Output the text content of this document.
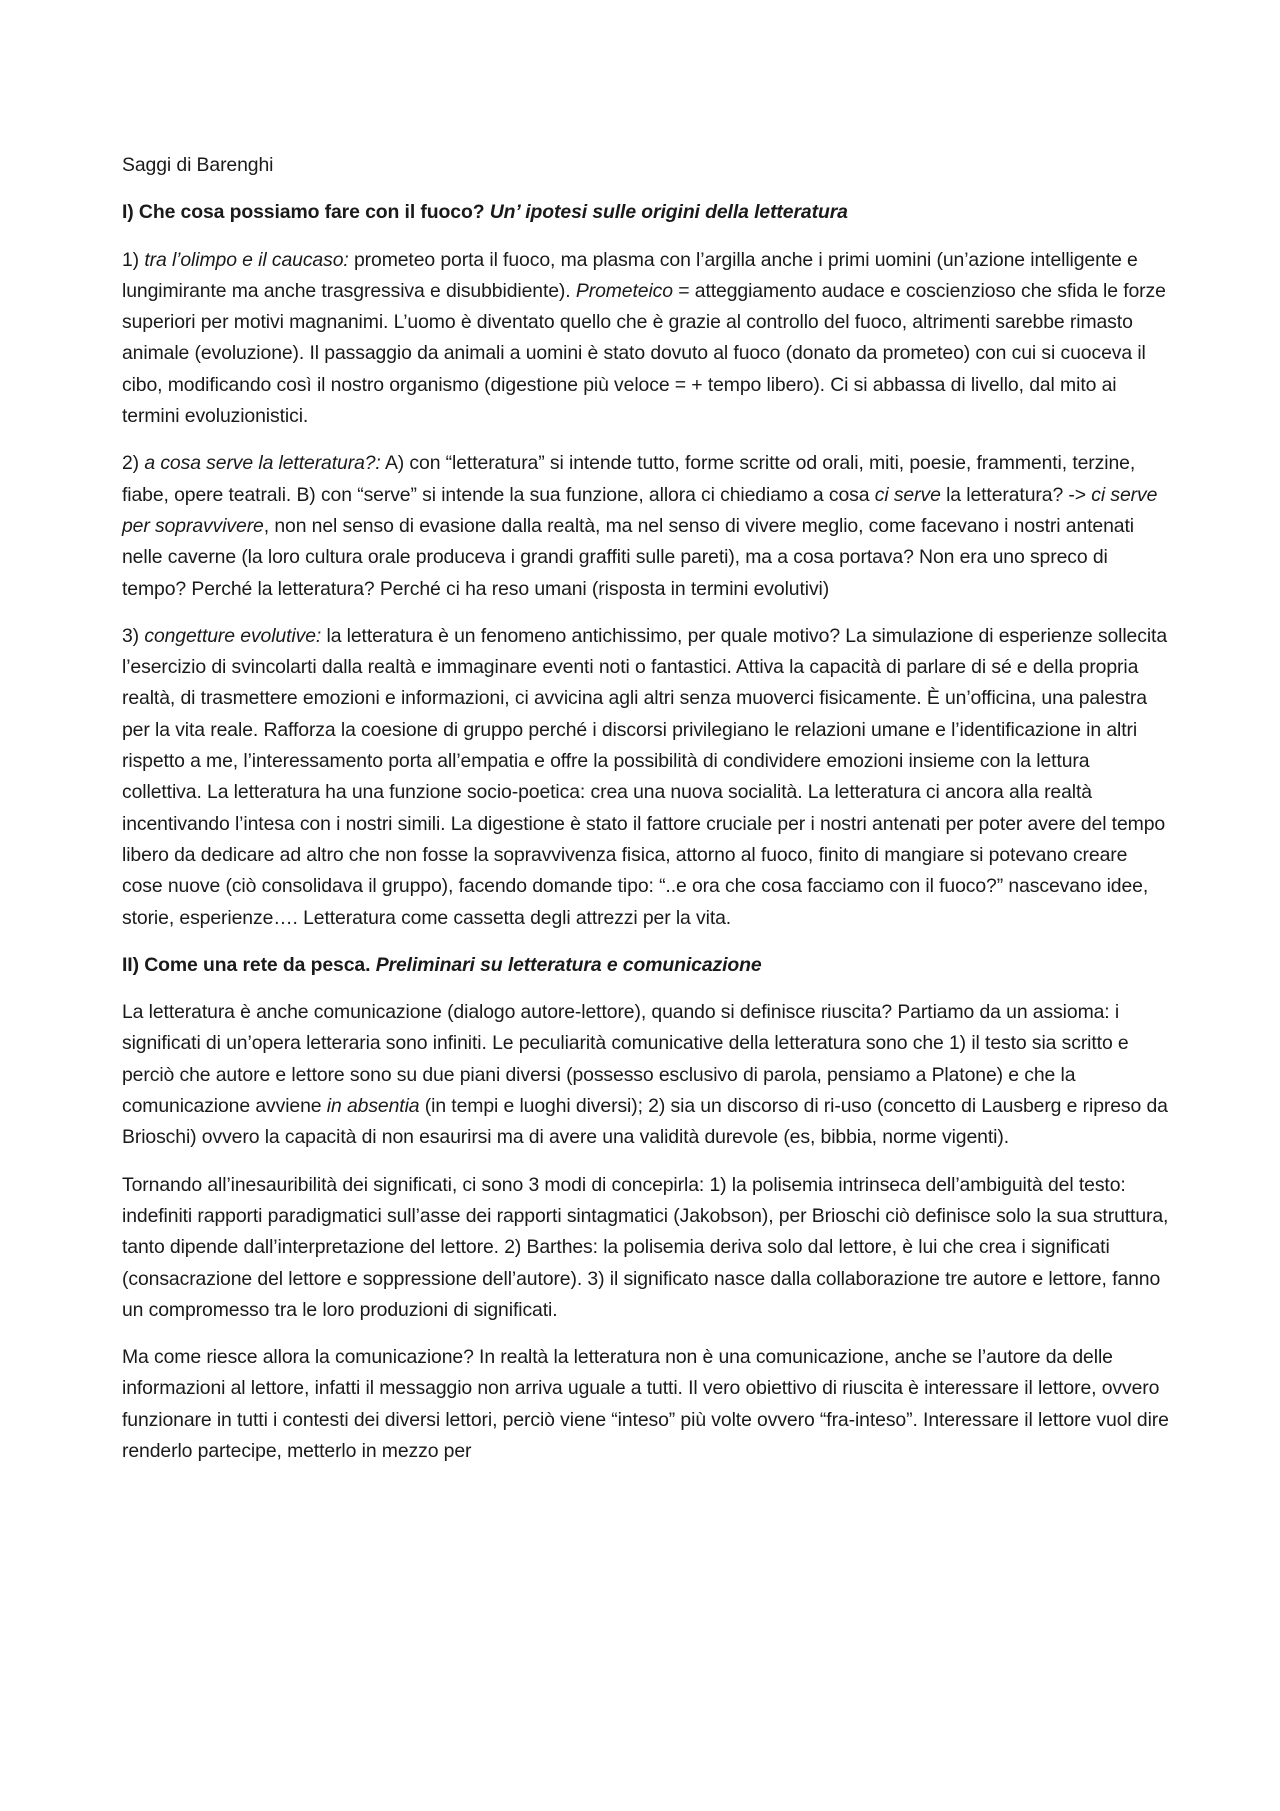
Saggi di Barenghi
I) Che cosa possiamo fare con il fuoco? Un’ ipotesi sulle origini della letteratura

1) tra l’olimpo e il caucaso: prometeo porta il fuoco, ma plasma con l’argilla anche i primi uomini (un’azione intelligente e lungimirante ma anche trasgressiva e disubbidiente). Prometeico = atteggiamento audace e coscienzioso che sfida le forze superiori per motivi magnanimi. L’uomo è diventato quello che è grazie al controllo del fuoco, altrimenti sarebbe rimasto animale (evoluzione). Il passaggio da animali a uomini è stato dovuto al fuoco (donato da prometeo) con cui si cuoceva il cibo, modificando così il nostro organismo (digestione più veloce = + tempo libero). Ci si abbassa di livello, dal mito ai termini evoluzionistici.

2) a cosa serve la letteratura?: A) con “letteratura” si intende tutto, forme scritte od orali, miti, poesie, frammenti, terzine, fiabe, opere teatrali. B) con “serve” si intende la sua funzione, allora ci chiediamo a cosa ci serve la letteratura? -> ci serve per sopravvivere, non nel senso di evasione dalla realtà, ma nel senso di vivere meglio, come facevano i nostri antenati nelle caverne (la loro cultura orale produceva i grandi graffiti sulle pareti), ma a cosa portava? Non era uno spreco di tempo? Perché la letteratura? Perché ci ha reso umani (risposta in termini evolutivi)

3) congetture evolutive: la letteratura è un fenomeno antichissimo, per quale motivo? La simulazione di esperienze sollecita l’esercizio di svincolarti dalla realtà e immaginare eventi noti o fantastici. Attiva la capacità di parlare di sé e della propria realtà, di trasmettere emozioni e informazioni, ci avvicina agli altri senza muoverci fisicamente. È un’officina, una palestra per la vita reale. Rafforza la coesione di gruppo perché i discorsi privilegiano le relazioni umane e l’identificazione in altri rispetto a me, l’interessamento porta all’empatia e offre la possibilità di condividere emozioni insieme con la lettura collettiva. La letteratura ha una funzione socio-poetica: crea una nuova socialità. La letteratura ci ancora alla realtà incentivando l’intesa con i nostri simili. La digestione è stato il fattore cruciale per i nostri antenati per poter avere del tempo libero da dedicare ad altro che non fosse la sopravvivenza fisica, attorno al fuoco, finito di mangiare si potevano creare cose nuove (ciò consolidava il gruppo), facendo domande tipo: “..e ora che cosa facciamo con il fuoco?” nascevano idee, storie, esperienze…. Letteratura come cassetta degli attrezzi per la vita.

II) Come una rete da pesca. Preliminari su letteratura e comunicazione

La letteratura è anche comunicazione (dialogo autore-lettore), quando si definisce riuscita? Partiamo da un assioma: i significati di un’opera letteraria sono infiniti. Le peculiarità comunicative della letteratura sono che 1) il testo sia scritto e perciò che autore e lettore sono su due piani diversi (possesso esclusivo di parola, pensiamo a Platone) e che la comunicazione avviene in absentia (in tempi e luoghi diversi); 2) sia un discorso di ri-uso (concetto di Lausberg e ripreso da Brioschi) ovvero la capacità di non esaurirsi ma di avere una validità durevole (es, bibbia, norme vigenti).

Tornando all’inesauribilità dei significati, ci sono 3 modi di concepirla: 1) la polisemia intrinseca dell’ambiguità del testo: indefiniti rapporti paradigmatici sull’asse dei rapporti sintagmatici (Jakobson), per Brioschi ciò definisce solo la sua struttura, tanto dipende dall’interpretazione del lettore. 2) Barthes: la polisemia deriva solo dal lettore, è lui che crea i significati (consacrazione del lettore e soppressione dell’autore). 3) il significato nasce dalla collaborazione tre autore e lettore, fanno un compromesso tra le loro produzioni di significati.

Ma come riesce allora la comunicazione? In realtà la letteratura non è una comunicazione, anche se l’autore da delle informazioni al lettore, infatti il messaggio non arriva uguale a tutti. Il vero obiettivo di riuscita è interessare il lettore, ovvero funzionare in tutti i contesti dei diversi lettori, perciò viene “inteso” più volte ovvero “fra-inteso”. Interessare il lettore vuol dire renderlo partecipe, metterlo in mezzo per
